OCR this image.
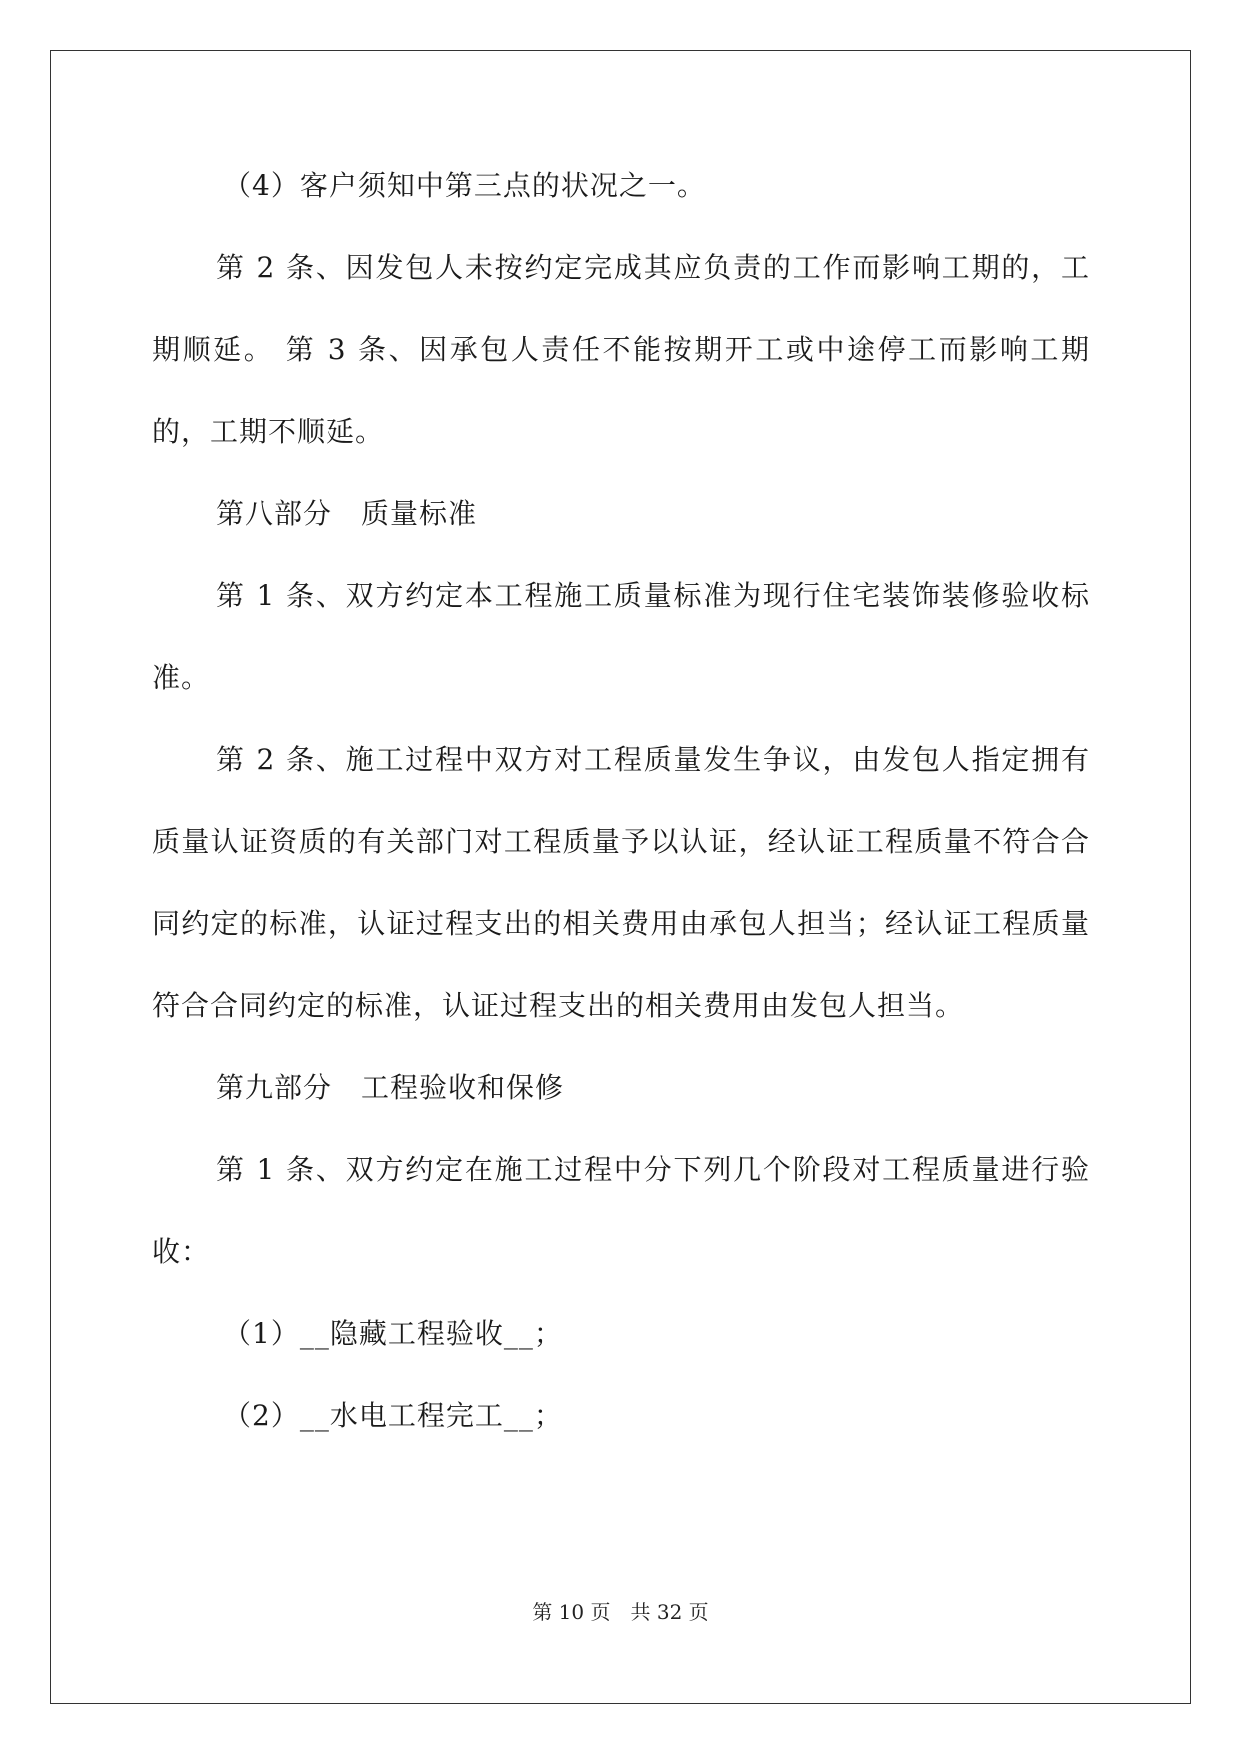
（4）客户须知中第三点的状况之一。

第 2 条、因发包人未按约定完成其应负责的工作而影响工期的，工期顺延。 第 3 条、因承包人责任不能按期开工或中途停工而影响工期的，工期不顺延。

第八部分　质量标准

第 1 条、双方约定本工程施工质量标准为现行住宅装饰装修验收标准。

第 2 条、施工过程中双方对工程质量发生争议，由发包人指定拥有质量认证资质的有关部门对工程质量予以认证，经认证工程质量不符合合同约定的标准，认证过程支出的相关费用由承包人担当；经认证工程质量符合合同约定的标准，认证过程支出的相关费用由发包人担当。

第九部分　工程验收和保修

第 1 条、双方约定在施工过程中分下列几个阶段对工程质量进行验收：

（1）__隐藏工程验收__；

（2）__水电工程完工__；

第 10 页　共 32 页
